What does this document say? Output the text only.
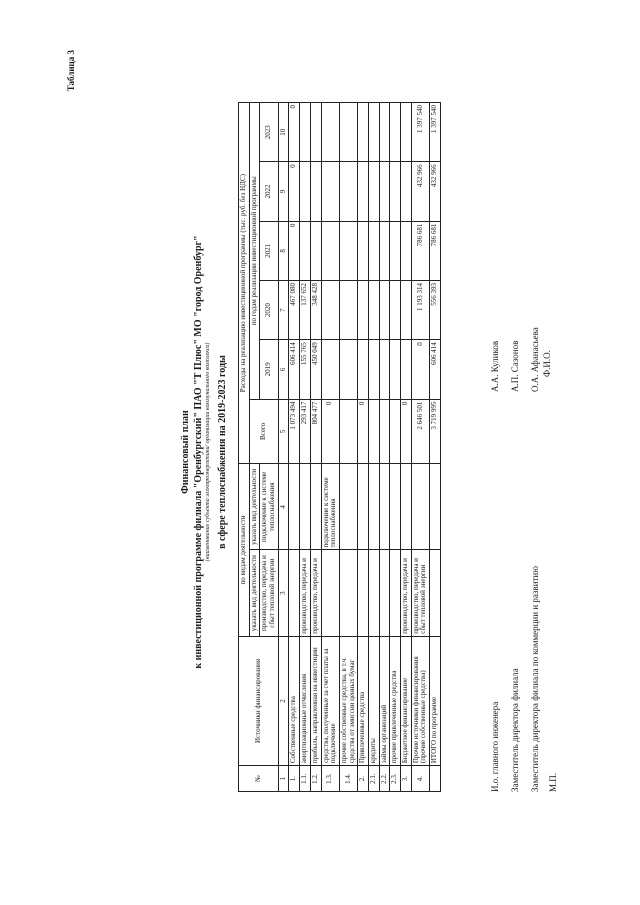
Таблица 3
Финансовый план к инвестиционной программе филиала "Оренбургский" ПАО "Т Плюс" МО "город Оренбург" (наименование субъекта электроэнергетики/ организации коммунального комплекса) в сфере теплоснабжения на 2019-2023 годы
№	Источники финансирования	по видам деятельности		Расходы на реализацию инвестиционной программы (тыс. руб. без НДС)					
		указать вид деятельности	указать вид деятельности	Всего	по годам реализации инвестиционной программы				
		производство, передача и сбыт тепловой энергии	подключение к системе теплоснабжения		2019	2020	2021	2022	2023
1	2	3	4	5	6	7	8	9	10
1.	Собственные средства			1 073 494	606 414	467 080	0	0	0
1.1.	амортизационные отчисления	производство, передача и		293 417	155 765	137 652			
1.2.	прибыль, направленная на инвестиции	производство, передача и		804 477	450 049	348 428			
1.3.	средства, полученные за счет платы за подключение		подключение к системе теплоснабжения	0					
1.4.	прочие собственные средства, в т.ч. средства от эмиссии ценных бумаг								
2.	Привлеченные средства			0					
2.1.	кредиты								
2.2.	займы организаций								
2.3.	прочие привлеченные средства								
3.	Бюджетное финансирование	производство, передача и		0					
4.	Прочие источники финансирования (прочие собственные средства)	производство, передача и сбыт тепловой энергии		2 646 501	0	1 193 314	786 681	432 966	1 397 540
	ИТОГО по программе			3 719 995	606 414	556 393	786 681	432 966	1 397 540
И.о. главного инженера
А.А. Куликов
Заместитель директора филиала
А.П. Сазонов
Заместитель директора филиала по коммерции и развитию
О.А. Афанасьева
М.П.
Ф.И.О.
